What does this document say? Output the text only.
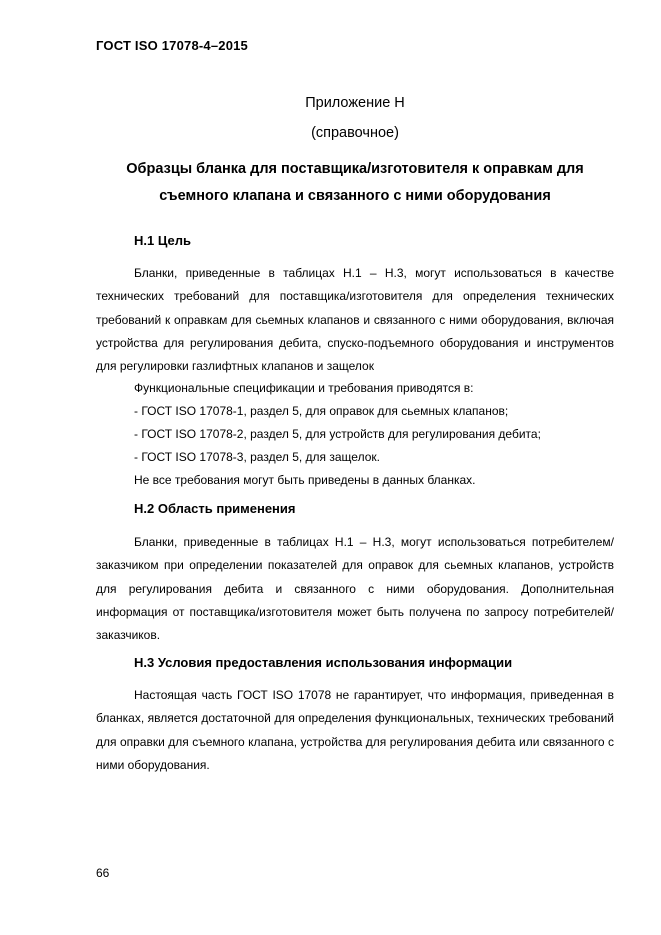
ГОСТ ISO 17078-4–2015
Приложение Н
(справочное)
Образцы бланка для поставщика/изготовителя к оправкам для
съемного клапана и связанного с ними оборудования
Н.1 Цель
Бланки, приведенные в таблицах Н.1 – Н.3, могут использоваться в качестве технических требований для поставщика/изготовителя для определения технических требований к оправкам для сьемных клапанов и связанного с ними оборудования, включая устройства для регулирования дебита, спуско-подъемного оборудования и инструментов для регулировки газлифтных клапанов и защелок
Функциональные спецификации и требования приводятся в:
- ГОСТ ISO 17078-1, раздел 5, для оправок для сьемных клапанов;
- ГОСТ ISO 17078-2, раздел 5, для устройств для регулирования дебита;
- ГОСТ ISO 17078-3, раздел 5, для защелок.
Не все требования могут быть приведены в данных бланках.
Н.2 Область применения
Бланки, приведенные в таблицах Н.1 – Н.3, могут использоваться потребителем/заказчиком при определении показателей для оправок для сьемных клапанов, устройств для регулирования дебита и связанного с ними оборудования. Дополнительная информация от поставщика/изготовителя может быть получена по запросу потребителей/заказчиков.
Н.3 Условия предоставления использования информации
Настоящая часть ГОСТ ISO 17078 не гарантирует, что информация, приведенная в бланках, является достаточной для определения функциональных, технических требований для оправки для съемного клапана, устройства для регулирования дебита или связанного с ними оборудования.
66
